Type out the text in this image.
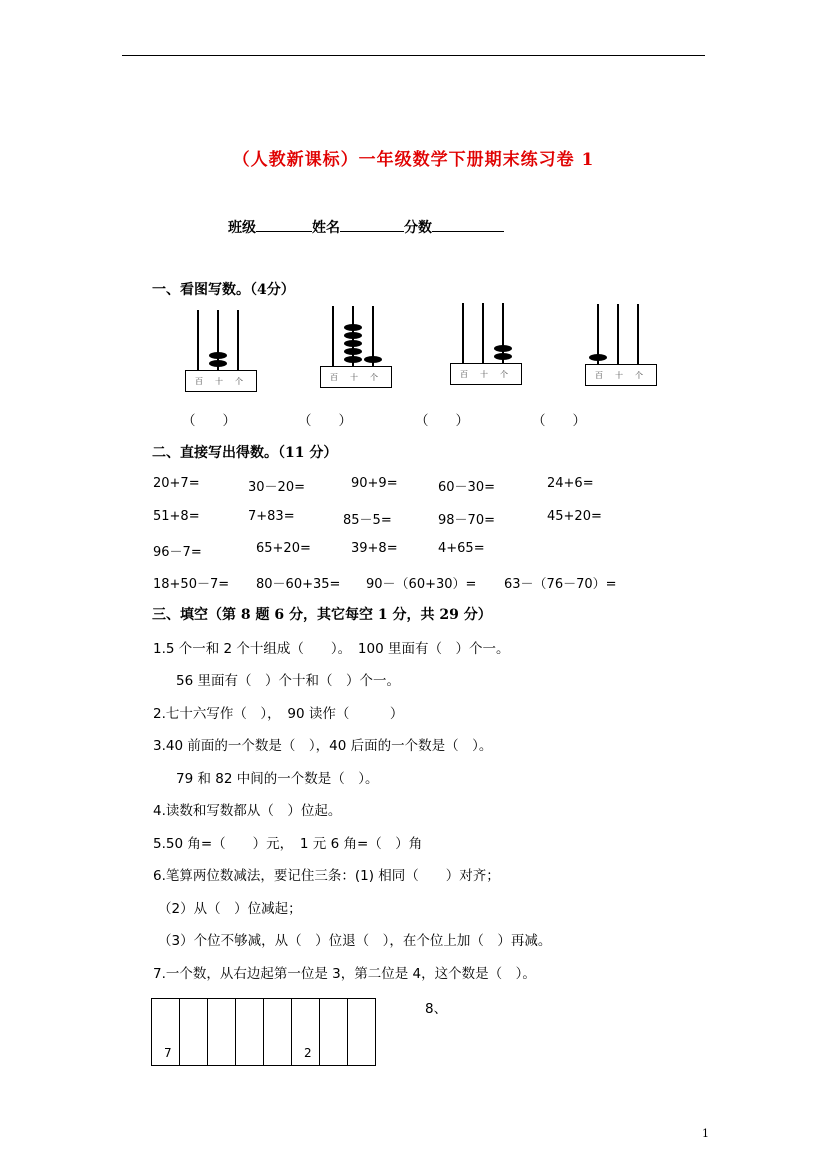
（人教新课标）一年级数学下册期末练习卷 1
班级	姓名	分数
一、看图写数。（4分）
百 十 个	百 十 个	百 十 个	百 十 个
（　　）	（　　）	（　　）	（　　）
二、直接写出得数。（11 分）
20+7=	30－20=	90+9=	60－30=	24+6=
51+8=	7+83=	85－5=	98－70=	45+20=
96－7=	65+20=	39+8=	4+65=
18+50－7= 80－60+35= 90－（60+30）= 63－（76－70）=
三、填空（第 8 题 6 分，其它每空 1 分，共 29 分）
1.5 个一和 2 个十组成（　　）。　100 里面有（　）个一。
56 里面有（　）个十和（　）个一。
2.七十六写作（　），　90 读作（　　　）
3.40 前面的一个数是（　），40 后面的一个数是（　）。
79 和 82 中间的一个数是（　）。
4.读数和写数都从（　）位起。
5.50 角=（　　）元，　1 元 6 角=（　）角
6.笔算两位数减法，要记住三条：(1) 相同（　　）对齐；
（2）从（　）位减起；
（3）个位不够减，从（　）位退（　），在个位上加（　）再减。
7.一个数，从右边起第一位是 3，第二位是 4，这个数是（　）。
7					2

8、
1
